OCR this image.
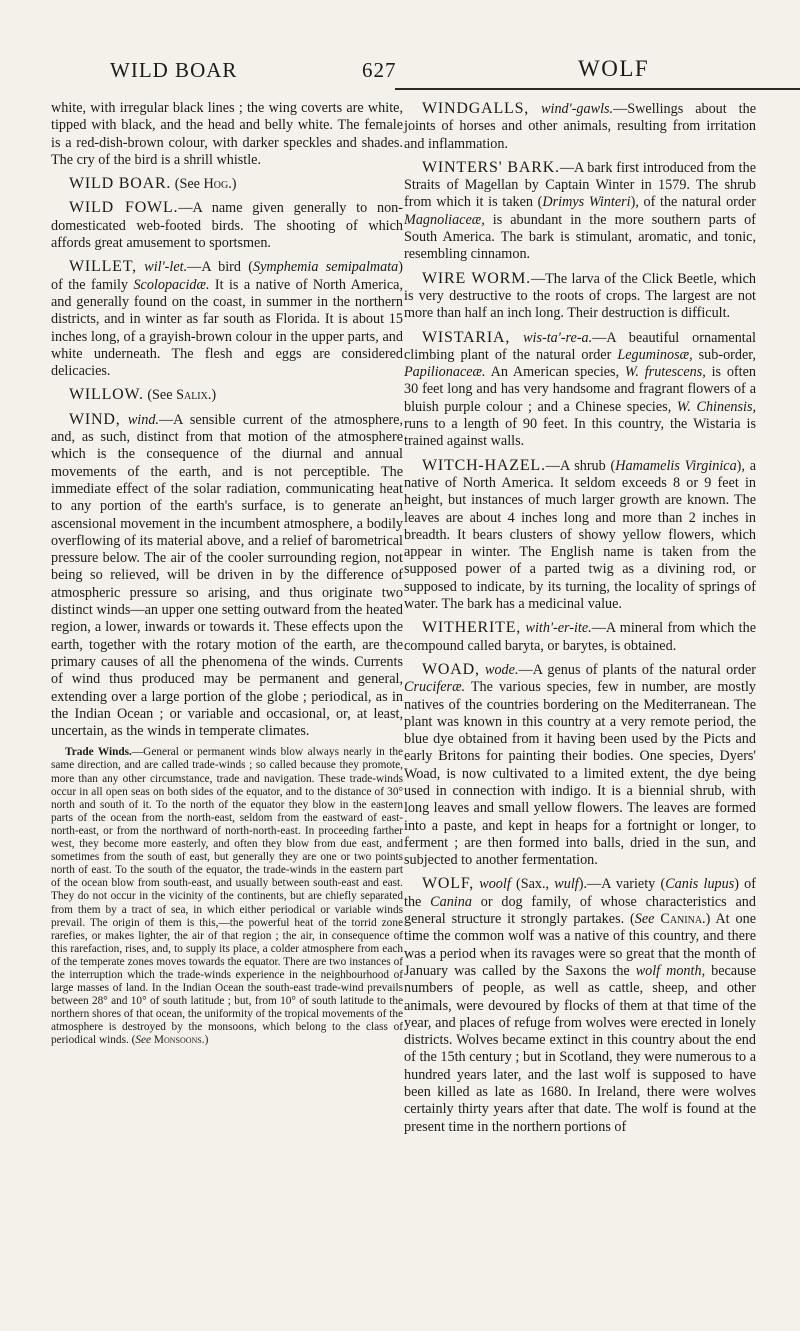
WILD BOAR	627	WOLF

white, with irregular black lines ; the wing coverts are white, tipped with black, and the head and belly white. The female is a red-dish-brown colour, with darker speckles and shades. The cry of the bird is a shrill whistle.

WILD BOAR. (See Hog.)

WILD FOWL.—A name given generally to non-domesticated web-footed birds. The shooting of which affords great amusement to sportsmen.

WILLET, wil'-let.—A bird (Symphemia semipalmata) of the family Scolopacidæ. It is a native of North America, and generally found on the coast, in summer in the northern districts, and in winter as far south as Florida. It is about 15 inches long, of a grayish-brown colour in the upper parts, and white underneath. The flesh and eggs are considered delicacies.

WILLOW. (See Salix.)

WIND, wind.—A sensible current of the atmosphere, and, as such, distinct from that motion of the atmosphere which is the consequence of the diurnal and annual movements of the earth, and is not perceptible. The immediate effect of the solar radiation, communicating heat to any portion of the earth's surface, is to generate an ascensional movement in the incumbent atmosphere, a bodily overflowing of its material above, and a relief of barometrical pressure below. The air of the cooler surrounding region, not being so relieved, will be driven in by the difference of atmospheric pressure so arising, and thus originate two distinct winds—an upper one setting outward from the heated region, a lower, inwards or towards it. These effects upon the earth, together with the rotary motion of the earth, are the primary causes of all the phenomena of the winds. Currents of wind thus produced may be permanent and general, extending over a large portion of the globe ; periodical, as in the Indian Ocean ; or variable and occasional, or, at least, uncertain, as the winds in temperate climates.

Trade Winds.—General or permanent winds blow always nearly in the same direction, and are called trade-winds ; so called because they promote, more than any other circumstance, trade and navigation. These trade-winds occur in all open seas on both sides of the equator, and to the distance of 30° north and south of it. To the north of the equator they blow in the eastern parts of the ocean from the north-east, seldom from the eastward of east-north-east, or from the northward of north-north-east. In proceeding farther west, they become more easterly, and often they blow from due east, and sometimes from the south of east, but generally they are one or two points north of east. To the south of the equator, the trade-winds in the eastern part of the ocean blow from south-east, and usually between south-east and east. They do not occur in the vicinity of the continents, but are chiefly separated from them by a tract of sea, in which either periodical or variable winds prevail. The origin of them is this,—the powerful heat of the torrid zone rarefies, or makes lighter, the air of that region ; the air, in consequence of this rarefaction, rises, and, to supply its place, a colder atmosphere from each of the temperate zones moves towards the equator. There are two instances of the interruption which the trade-winds experience in the neighbourhood of large masses of land. In the Indian Ocean the south-east trade-wind prevails between 28° and 10° of south latitude ; but, from 10° of south latitude to the northern shores of that ocean, the uniformity of the tropical movements of the atmosphere is destroyed by the monsoons, which belong to the class of periodical winds. (See Monsoons.)

WINDGALLS, wind'-gawls.—Swellings about the joints of horses and other animals, resulting from irritation and inflammation.

WINTERS' BARK.—A bark first introduced from the Straits of Magellan by Captain Winter in 1579. The shrub from which it is taken (Drimys Winteri), of the natural order Magnoliaceæ, is abundant in the more southern parts of South America. The bark is stimulant, aromatic, and tonic, resembling cinnamon.

WIRE WORM.—The larva of the Click Beetle, which is very destructive to the roots of crops. The largest are not more than half an inch long. Their destruction is difficult.

WISTARIA, wis-ta'-re-a.—A beautiful ornamental climbing plant of the natural order Leguminosæ, sub-order, Papilionaceæ. An American species, W. frutescens, is often 30 feet long and has very handsome and fragrant flowers of a bluish purple colour ; and a Chinese species, W. Chinensis, runs to a length of 90 feet. In this country, the Wistaria is trained against walls.

WITCH-HAZEL.—A shrub (Hamamelis Virginica), a native of North America. It seldom exceeds 8 or 9 feet in height, but instances of much larger growth are known. The leaves are about 4 inches long and more than 2 inches in breadth. It bears clusters of showy yellow flowers, which appear in winter. The English name is taken from the supposed power of a parted twig as a divining rod, or supposed to indicate, by its turning, the locality of springs of water. The bark has a medicinal value.

WITHERITE, with'-er-ite.—A mineral from which the compound called baryta, or barytes, is obtained.

WOAD, wode.—A genus of plants of the natural order Cruciferæ. The various species, few in number, are mostly natives of the countries bordering on the Mediterranean. The plant was known in this country at a very remote period, the blue dye obtained from it having been used by the Picts and early Britons for painting their bodies. One species, Dyers' Woad, is now cultivated to a limited extent, the dye being used in connection with indigo. It is a biennial shrub, with long leaves and small yellow flowers. The leaves are formed into a paste, and kept in heaps for a fortnight or longer, to ferment ; are then formed into balls, dried in the sun, and subjected to another fermentation.

WOLF, woolf (Sax., wulf).—A variety (Canis lupus) of the Canina or dog family, of whose characteristics and general structure it strongly partakes. (See Canina.) At one time the common wolf was a native of this country, and there was a period when its ravages were so great that the month of January was called by the Saxons the wolf month, because numbers of people, as well as cattle, sheep, and other animals, were devoured by flocks of them at that time of the year, and places of refuge from wolves were erected in lonely districts. Wolves became extinct in this country about the end of the 15th century ; but in Scotland, they were numerous to a hundred years later, and the last wolf is supposed to have been killed as late as 1680. In Ireland, there were wolves certainly thirty years after that date. The wolf is found at the present time in the northern portions of
